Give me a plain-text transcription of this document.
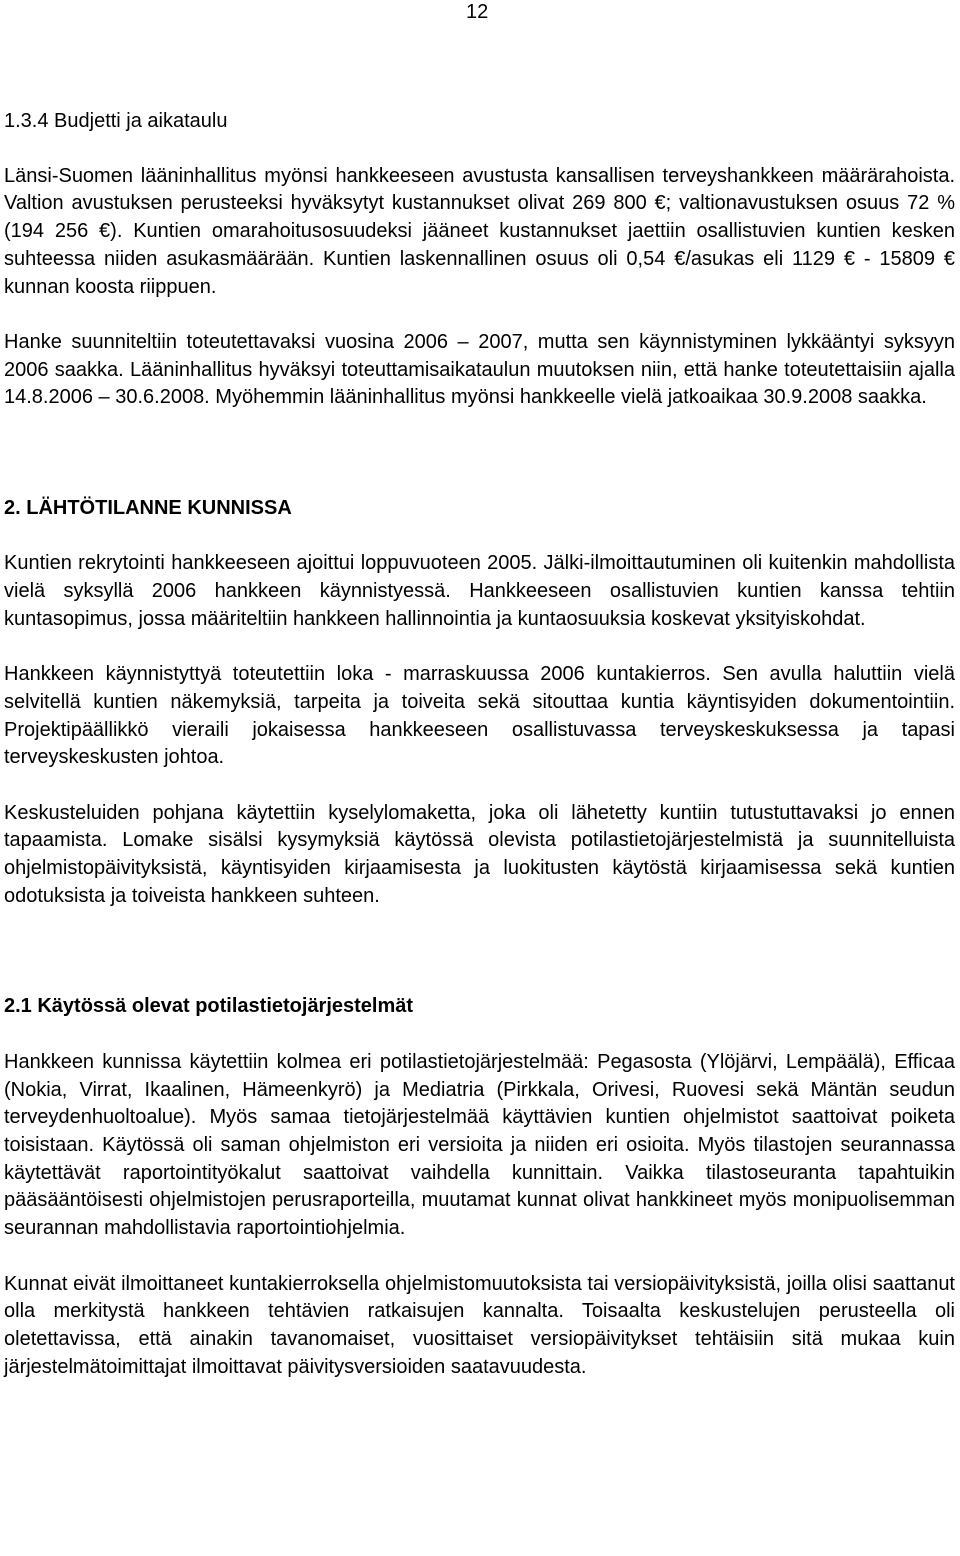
12
1.3.4 Budjetti ja aikataulu

Länsi-Suomen lääninhallitus myönsi hankkeeseen avustusta kansallisen terveyshankkeen määrärahoista. Valtion avustuksen perusteeksi hyväksytyt kustannukset olivat 269 800 €; valtionavustuksen osuus 72 % (194 256 €). Kuntien omarahoitusosuudeksi jääneet kustannukset jaettiin osallistuvien kuntien kesken suhteessa niiden asukasmäärään. Kuntien laskennallinen osuus oli 0,54 €/asukas eli 1129 € - 15809 € kunnan koosta riippuen.

Hanke suunniteltiin toteutettavaksi vuosina 2006 – 2007, mutta sen käynnistyminen lykkääntyi syksyyn 2006 saakka. Lääninhallitus hyväksyi toteuttamisaikataulun muutoksen niin, että hanke toteutettaisiin ajalla 14.8.2006 – 30.6.2008. Myöhemmin lääninhallitus myönsi hankkeelle vielä jatkoaikaa 30.9.2008 saakka.

2. LÄHTÖTILANNE KUNNISSA

Kuntien rekrytointi hankkeeseen ajoittui loppuvuoteen 2005. Jälki-ilmoittautuminen oli kuitenkin mahdollista vielä syksyllä 2006 hankkeen käynnistyessä. Hankkeeseen osallistuvien kuntien kanssa tehtiin kuntasopimus, jossa määriteltiin hankkeen hallinnointia ja kuntaosuuksia koskevat yksityiskohdat.

Hankkeen käynnistyttyä toteutettiin loka - marraskuussa 2006 kuntakierros. Sen avulla haluttiin vielä selvitellä kuntien näkemyksiä, tarpeita ja toiveita sekä sitouttaa kuntia käyntisyiden dokumentointiin. Projektipäällikkö vieraili jokaisessa hankkeeseen osallistuvassa terveyskeskuksessa ja tapasi terveyskeskusten johtoa.

Keskusteluiden pohjana käytettiin kyselylomaketta, joka oli lähetetty kuntiin tutustuttavaksi jo ennen tapaamista. Lomake sisälsi kysymyksiä käytössä olevista potilastietojärjestelmistä ja suunnitelluista ohjelmistopäivityksistä, käyntisyiden kirjaamisesta ja luokitusten käytöstä kirjaamisessa sekä kuntien odotuksista ja toiveista hankkeen suhteen.

2.1 Käytössä olevat potilastietojärjestelmät

Hankkeen kunnissa käytettiin kolmea eri potilastietojärjestelmää: Pegasosta (Ylöjärvi, Lempäälä), Efficaa (Nokia, Virrat, Ikaalinen, Hämeenkyrö) ja Mediatria (Pirkkala, Orivesi, Ruovesi sekä Mäntän seudun terveydenhuoltoalue). Myös samaa tietojärjestelmää käyttävien kuntien ohjelmistot saattoivat poiketa toisistaan. Käytössä oli saman ohjelmiston eri versioita ja niiden eri osioita. Myös tilastojen seurannassa käytettävät raportointityökalut saattoivat vaihdella kunnittain. Vaikka tilastoseuranta tapahtuikin pääsääntöisesti ohjelmistojen perusraporteilla, muutamat kunnat olivat hankkineet myös monipuolisemman seurannan mahdollistavia raportointiohjelmia.

Kunnat eivät ilmoittaneet kuntakierroksella ohjelmistomuutoksista tai versiopäivityksistä, joilla olisi saattanut olla merkitystä hankkeen tehtävien ratkaisujen kannalta. Toisaalta keskustelujen perusteella oli oletettavissa, että ainakin tavanomaiset, vuosittaiset versiopäivitykset tehtäisiin sitä mukaa kuin järjestelmätoimittajat ilmoittavat päivitysversioiden saatavuudesta.
